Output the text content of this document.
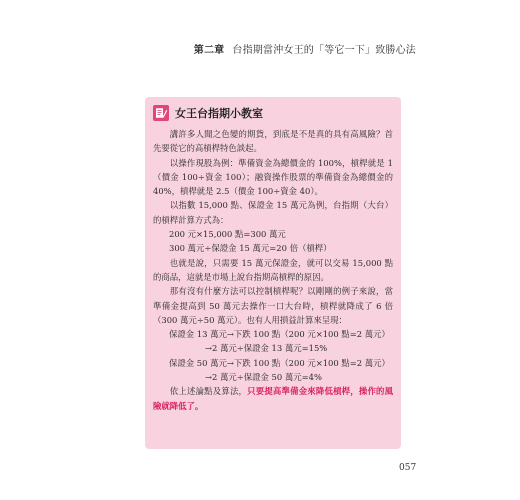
第二章 台指期當沖女王的「等它一下」致勝心法
女王台指期小教室

講許多人聞之色變的期貨，到底是不是真的具有高風險？首先要從它的高槓桿特色談起。

以操作現股為例：準備資金為總價金的 100%，槓桿就是 1（價金 100÷資金 100）；融資操作股票的準備資金為總價金的 40%，槓桿就是 2.5（價金 100÷資金 40）。

以指數 15,000 點、保證金 15 萬元為例，台指期（大台）的槓桿計算方式為：

200 元×15,000 點=300 萬元

300 萬元÷保證金 15 萬元=20 倍（槓桿）

也就是說，只需要 15 萬元保證金，就可以交易 15,000 點的商品，這就是市場上說台指期高槓桿的原因。

那有沒有什麼方法可以控制槓桿呢？以剛剛的例子來說，當準備金提高到 50 萬元去操作一口大台時，槓桿就降成了 6 倍（300 萬元÷50 萬元）。也有人用損益計算來呈現：

保證金 13 萬元→下跌 100 點（200 元×100 點=2 萬元）

→2 萬元÷保證金 13 萬元=15%

保證金 50 萬元→下跌 100 點（200 元×100 點=2 萬元）

→2 萬元÷保證金 50 萬元=4%

依上述論點及算法，只要提高準備金來降低槓桿，操作的風險就降低了。

057
